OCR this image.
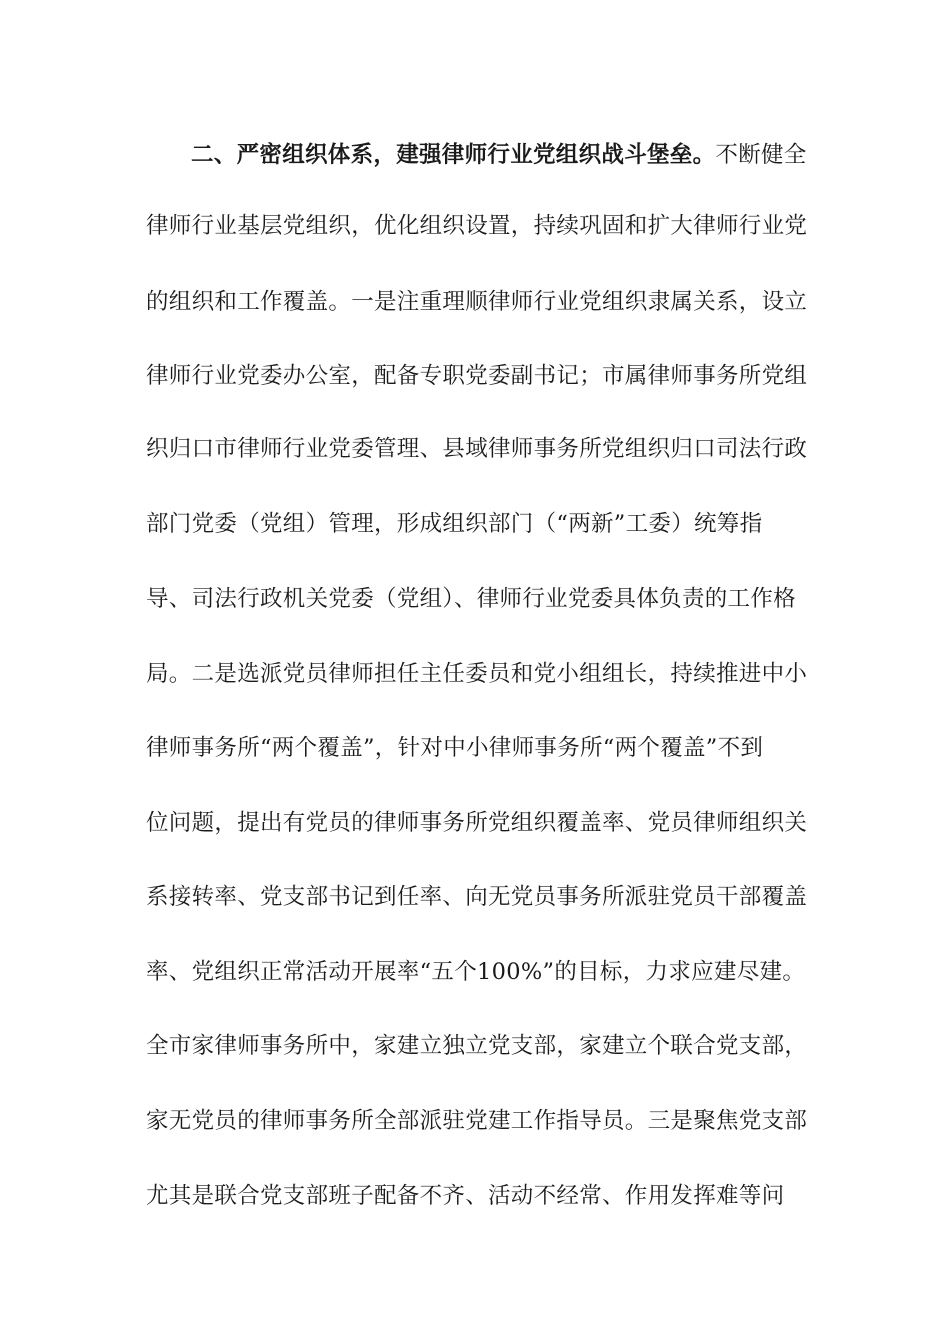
二、严密组织体系，建强律师行业党组织战斗堡垒。不断健全
律师行业基层党组织，优化组织设置，持续巩固和扩大律师行业党
的组织和工作覆盖。一是注重理顺律师行业党组织隶属关系，设立
律师行业党委办公室，配备专职党委副书记；市属律师事务所党组
织归口市律师行业党委管理、县域律师事务所党组织归口司法行政
部门党委（党组）管理，形成组织部门（“两新”工委）统筹指
导、司法行政机关党委（党组）、律师行业党委具体负责的工作格
局。二是选派党员律师担任主任委员和党小组组长，持续推进中小
律师事务所“两个覆盖”，针对中小律师事务所“两个覆盖”不到
位问题，提出有党员的律师事务所党组织覆盖率、党员律师组织关
系接转率、党支部书记到任率、向无党员事务所派驻党员干部覆盖
率、党组织正常活动开展率“五个100%”的目标，力求应建尽建。
全市家律师事务所中，家建立独立党支部，家建立个联合党支部，
家无党员的律师事务所全部派驻党建工作指导员。三是聚焦党支部
尤其是联合党支部班子配备不齐、活动不经常、作用发挥难等问
